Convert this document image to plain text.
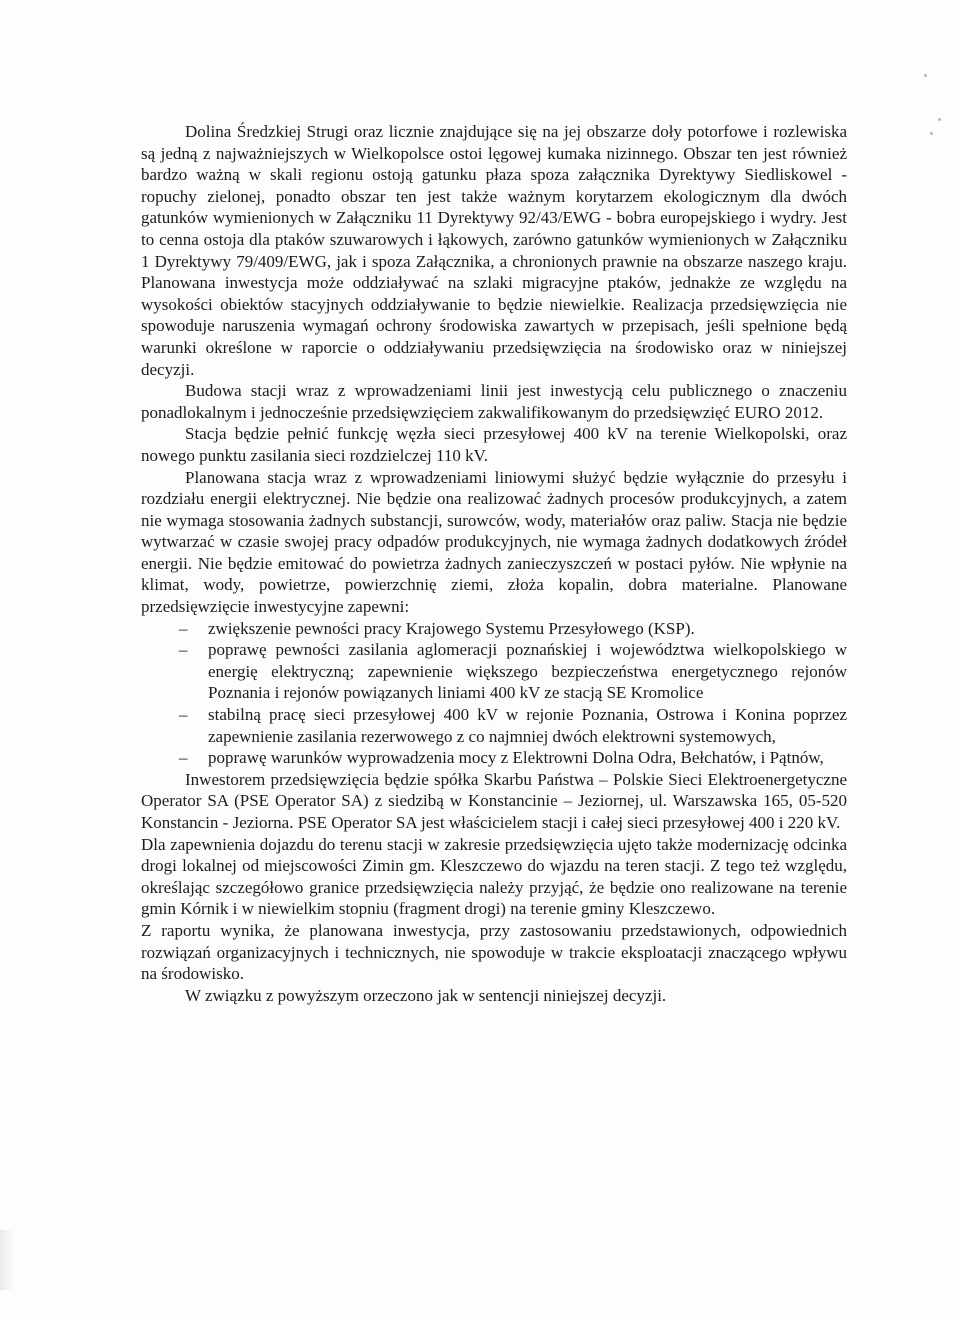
Dolina Średzkiej Strugi oraz licznie znajdujące się na jej obszarze doły potorfowe i rozlewiska są jedną z najważniejszych w Wielkopolsce ostoi lęgowej kumaka nizinnego. Obszar ten jest również bardzo ważną w skali regionu ostoją gatunku płaza spoza załącznika Dyrektywy Siedliskowel - ropuchy zielonej, ponadto obszar ten jest także ważnym korytarzem ekologicznym dla dwóch gatunków wymienionych w Załączniku 11 Dyrektywy 92/43/EWG - bobra europejskiego i wydry. Jest to cenna ostoja dla ptaków szuwarowych i łąkowych, zarówno gatunków wymienionych w Załączniku 1 Dyrektywy 79/409/EWG, jak i spoza Załącznika, a chronionych prawnie na obszarze naszego kraju. Planowana inwestycja może oddziaływać na szlaki migracyjne ptaków, jednakże ze względu na wysokości obiektów stacyjnych oddziaływanie to będzie niewielkie. Realizacja przedsięwzięcia nie spowoduje naruszenia wymagań ochrony środowiska zawartych w przepisach, jeśli spełnione będą warunki określone w raporcie o oddziaływaniu przedsięwzięcia na środowisko oraz w niniejszej decyzji.

Budowa stacji wraz z wprowadzeniami linii jest inwestycją celu publicznego o znaczeniu ponadlokalnym i jednocześnie przedsięwzięciem zakwalifikowanym do przedsięwzięć EURO 2012.

Stacja będzie pełnić funkcję węzła sieci przesyłowej 400 kV na terenie Wielkopolski, oraz nowego punktu zasilania sieci rozdzielczej 110 kV.

Planowana stacja wraz z wprowadzeniami liniowymi służyć będzie wyłącznie do przesyłu i rozdziału energii elektrycznej. Nie będzie ona realizować żadnych procesów produkcyjnych, a zatem nie wymaga stosowania żadnych substancji, surowców, wody, materiałów oraz paliw. Stacja nie będzie wytwarzać w czasie swojej pracy odpadów produkcyjnych, nie wymaga żadnych dodatkowych źródeł energii. Nie będzie emitować do powietrza żadnych zanieczyszczeń w postaci pyłów. Nie wpłynie na klimat, wody, powietrze, powierzchnię ziemi, złoża kopalin, dobra materialne. Planowane przedsięwzięcie inwestycyjne zapewni:

– zwiększenie pewności pracy Krajowego Systemu Przesyłowego (KSP).
– poprawę pewności zasilania aglomeracji poznańskiej i województwa wielkopolskiego w energię elektryczną; zapewnienie większego bezpieczeństwa energetycznego rejonów Poznania i rejonów powiązanych liniami 400 kV ze stacją SE Kromolice
– stabilną pracę sieci przesyłowej 400 kV w rejonie Poznania, Ostrowa i Konina poprzez zapewnienie zasilania rezerwowego z co najmniej dwóch elektrowni systemowych,
– poprawę warunków wyprowadzenia mocy z Elektrowni Dolna Odra, Bełchatów, i Pątnów,

Inwestorem przedsięwzięcia będzie spółka Skarbu Państwa – Polskie Sieci Elektroenergetyczne Operator SA (PSE Operator SA) z siedzibą w Konstancinie – Jeziornej, ul. Warszawska 165, 05-520 Konstancin - Jeziorna. PSE Operator SA jest właścicielem stacji i całej sieci przesyłowej 400 i 220 kV.

Dla zapewnienia dojazdu do terenu stacji w zakresie przedsięwzięcia ujęto także modernizację odcinka drogi lokalnej od miejscowości Zimin gm. Kleszczewo do wjazdu na teren stacji. Z tego też względu, określając szczegółowo granice przedsięwzięcia należy przyjąć, że będzie ono realizowane na terenie gmin Kórnik i w niewielkim stopniu (fragment drogi) na terenie gminy Kleszczewo.

Z raportu wynika, że planowana inwestycja, przy zastosowaniu przedstawionych, odpowiednich rozwiązań organizacyjnych i technicznych, nie spowoduje w trakcie eksploatacji znaczącego wpływu na środowisko.

W związku z powyższym orzeczono jak w sentencji niniejszej decyzji.
